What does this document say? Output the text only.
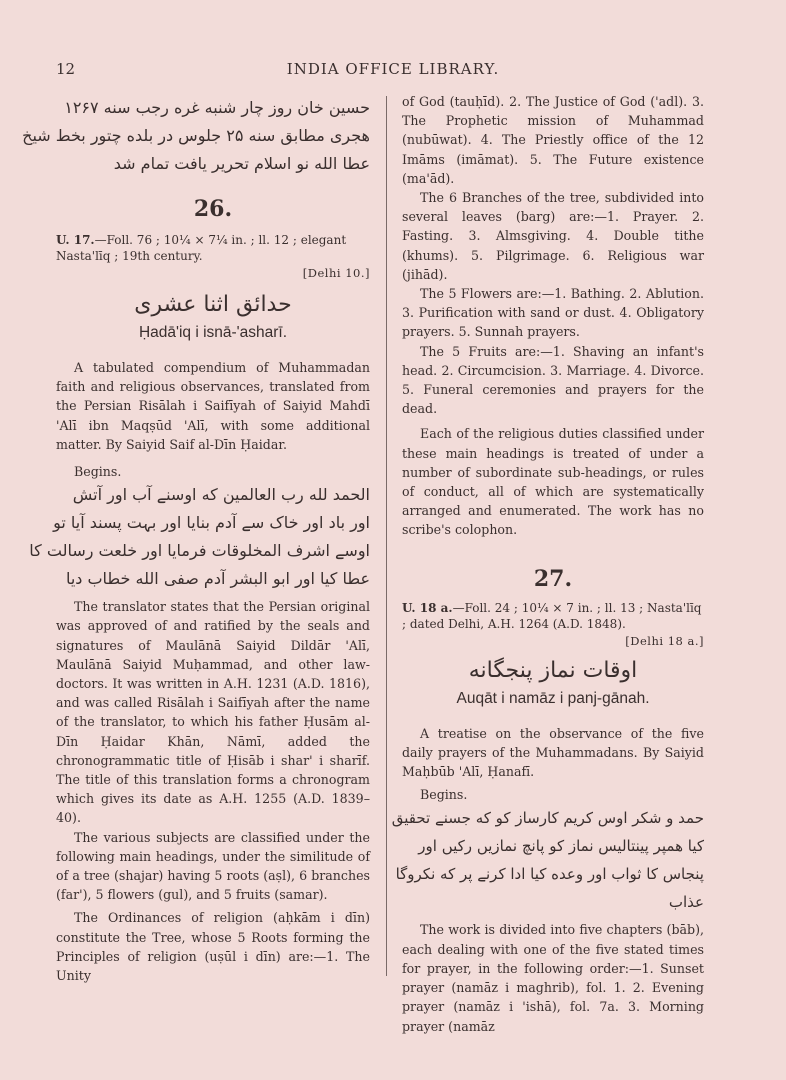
12	INDIA OFFICE LIBRARY.
حسین خان روز چار شنبه غره رجب سنه ۱۲۶۷
هجری مطابق سنه ۲۵ جلوس در بلده چتور بخط شیخ
عطا الله نو اسلام تحریر یافت تمام شد

26.

U. 17.—Foll. 76 ; 10¼ × 7¼ in. ; ll. 12 ; elegant Nasta'līq ; 19th century.

[Delhi 10.]

حدائق اثنا عشری

Ḥadā'iq i isnā-'asharī.

A tabulated compendium of Muhammadan faith and religious observances, translated from the Persian Risālah i Saifīyah of Saiyid Mahdī 'Alī ibn Maqṣūd 'Alī, with some additional matter. By Saiyid Saif al-Dīn Ḥaidar.

Begins.

الحمد لله رب العالمین که اوسنے آب اور آتش
اور باد اور خاک سے آدم بنایا اور بہت پسند آیا تو
اوسے اشرف المخلوقات فرمایا اور خلعت رسالت کا
عطا کیا اور ابو البشر آدم صفی الله خطاب دیا

The translator states that the Persian original was approved of and ratified by the seals and signatures of Maulānā Saiyid Dildār 'Alī, Maulānā Saiyid Muḥammad, and other law-doctors. It was written in A.H. 1231 (A.D. 1816), and was called Risālah i Saifīyah after the name of the translator, to which his father Ḥusām al-Dīn Ḥaidar Khān, Nāmī, added the chronogrammatic title of Ḥisāb i shar' i sharīf. The title of this translation forms a chronogram which gives its date as A.H. 1255 (A.D. 1839–40).

The various subjects are classified under the following main headings, under the similitude of of a tree (shajar) having 5 roots (aṣl), 6 branches (far'), 5 flowers (gul), and 5 fruits (samar).

The Ordinances of religion (aḥkām i dīn) constitute the Tree, whose 5 Roots forming the Principles of religion (uṣūl i dīn) are:—1. The Unity

of God (tauḥīd). 2. The Justice of God ('adl). 3. The Prophetic mission of Muhammad (nubūwat). 4. The Priestly office of the 12 Imāms (imāmat). 5. The Future existence (ma'ād).

The 6 Branches of the tree, subdivided into several leaves (barg) are:—1. Prayer. 2. Fasting. 3. Almsgiving. 4. Double tithe (khums). 5. Pilgrimage. 6. Religious war (jihād).

The 5 Flowers are:—1. Bathing. 2. Ablution. 3. Purification with sand or dust. 4. Obligatory prayers. 5. Sunnah prayers.

The 5 Fruits are:—1. Shaving an infant's head. 2. Circumcision. 3. Marriage. 4. Divorce. 5. Funeral ceremonies and prayers for the dead.

Each of the religious duties classified under these main headings is treated of under a number of subordinate sub-headings, or rules of conduct, all of which are systematically arranged and enumerated. The work has no scribe's colophon.

27.

U. 18 a.—Foll. 24 ; 10¼ × 7 in. ; ll. 13 ; Nasta'līq ; dated Delhi, A.H. 1264 (A.D. 1848).

[Delhi 18 a.]

اوقات نماز پنجگانه

Auqāt i namāz i panj-gānah.

A treatise on the observance of the five daily prayers of the Muhammadans. By Saiyid Maḥbūb 'Alī, Ḥanafī.

Begins.

حمد و شکر اوس کریم کارساز کو که جسنے تحقیق
کیا همپر پینتالیس نماز کو پانچ نمازیں رکیں اور
پنجاس کا ثواب اور وعده کیا ادا کرنے پر که نکروگا
عذاب

The work is divided into five chapters (bāb), each dealing with one of the five stated times for prayer, in the following order:—1. Sunset prayer (namāz i maghrib), fol. 1. 2. Evening prayer (namāz i 'ishā), fol. 7a. 3. Morning prayer (namāz
